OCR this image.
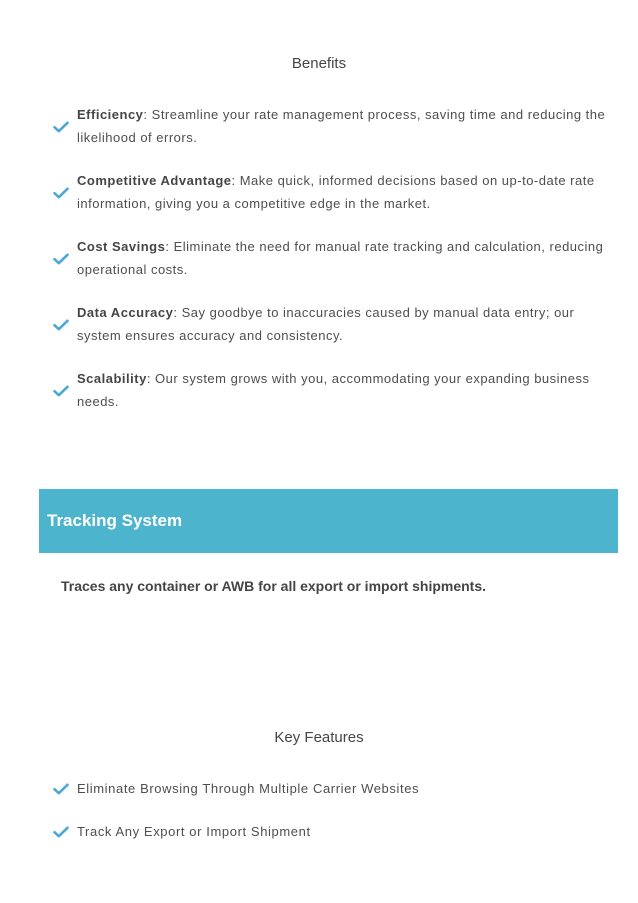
Benefits
Efficiency: Streamline your rate management process, saving time and reducing the likelihood of errors.
Competitive Advantage: Make quick, informed decisions based on up-to-date rate information, giving you a competitive edge in the market.
Cost Savings: Eliminate the need for manual rate tracking and calculation, reducing operational costs.
Data Accuracy: Say goodbye to inaccuracies caused by manual data entry; our system ensures accuracy and consistency.
Scalability: Our system grows with you, accommodating your expanding business needs.
Tracking System
Traces any container or AWB for all export or import shipments.
Key Features
Eliminate Browsing Through Multiple Carrier Websites
Track Any Export or Import Shipment
